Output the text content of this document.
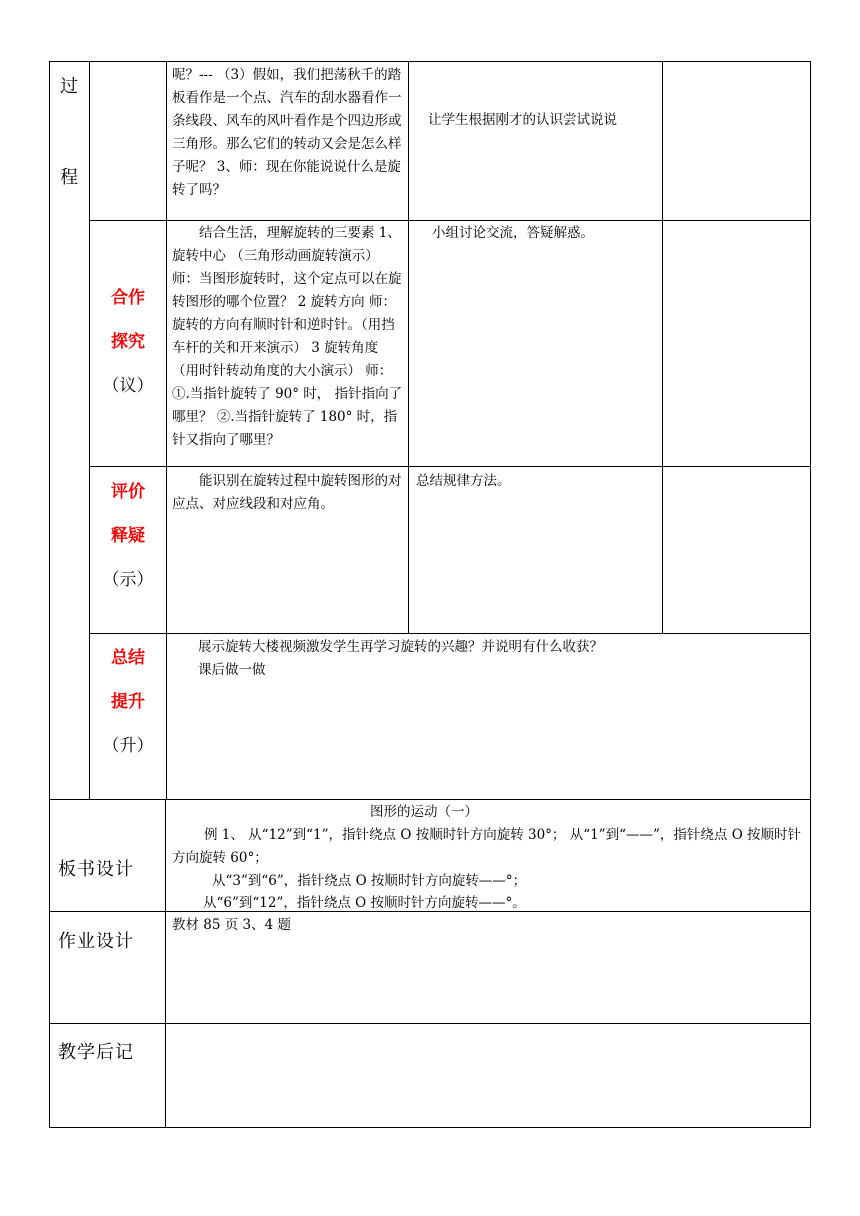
过
程
呢？--- （3）假如，我们把荡秋千的踏板看作是一个点、汽车的刮水器看作一条线段、风车的风叶看作是个四边形或三角形。那么它们的转动又会是怎么样子呢？ 3、师：现在你能说说什么是旋转了吗？
让学生根据刚才的认识尝试说说
合作
探究
（议）
结合生活，理解旋转的三要素 1、旋转中心 （三角形动画旋转演示） 师：当图形旋转时，这个定点可以在旋转图形的哪个位置？ 2 旋转方向 师：旋转的方向有顺时针和逆时针。（用挡车杆的关和开来演示） 3 旋转角度 （用时针转动角度的大小演示） 师：①.当指针旋转了 90° 时， 指针指向了哪里？ ②.当指针旋转了 180° 时，指针又指向了哪里？
小组讨论交流，答疑解惑。
评价
释疑
（示）
能识别在旋转过程中旋转图形的对应点、对应线段和对应角。
总结规律方法。
总结
提升
（升）
展示旋转大楼视频激发学生再学习旋转的兴趣？并说明有什么收获？
课后做一做
板书设计
图形的运动（一）
例 1、 从“12”到“1”，指针绕点 O 按顺时针方向旋转 30°； 从“1”到“——”，指针绕点 O 按顺时针方向旋转 60°；
从“3”到“6”，指针绕点 O 按顺时针方向旋转——°；
从“6”到“12”，指针绕点 O 按顺时针方向旋转——°。
作业设计
教材 85 页 3、4 题
教学后记
